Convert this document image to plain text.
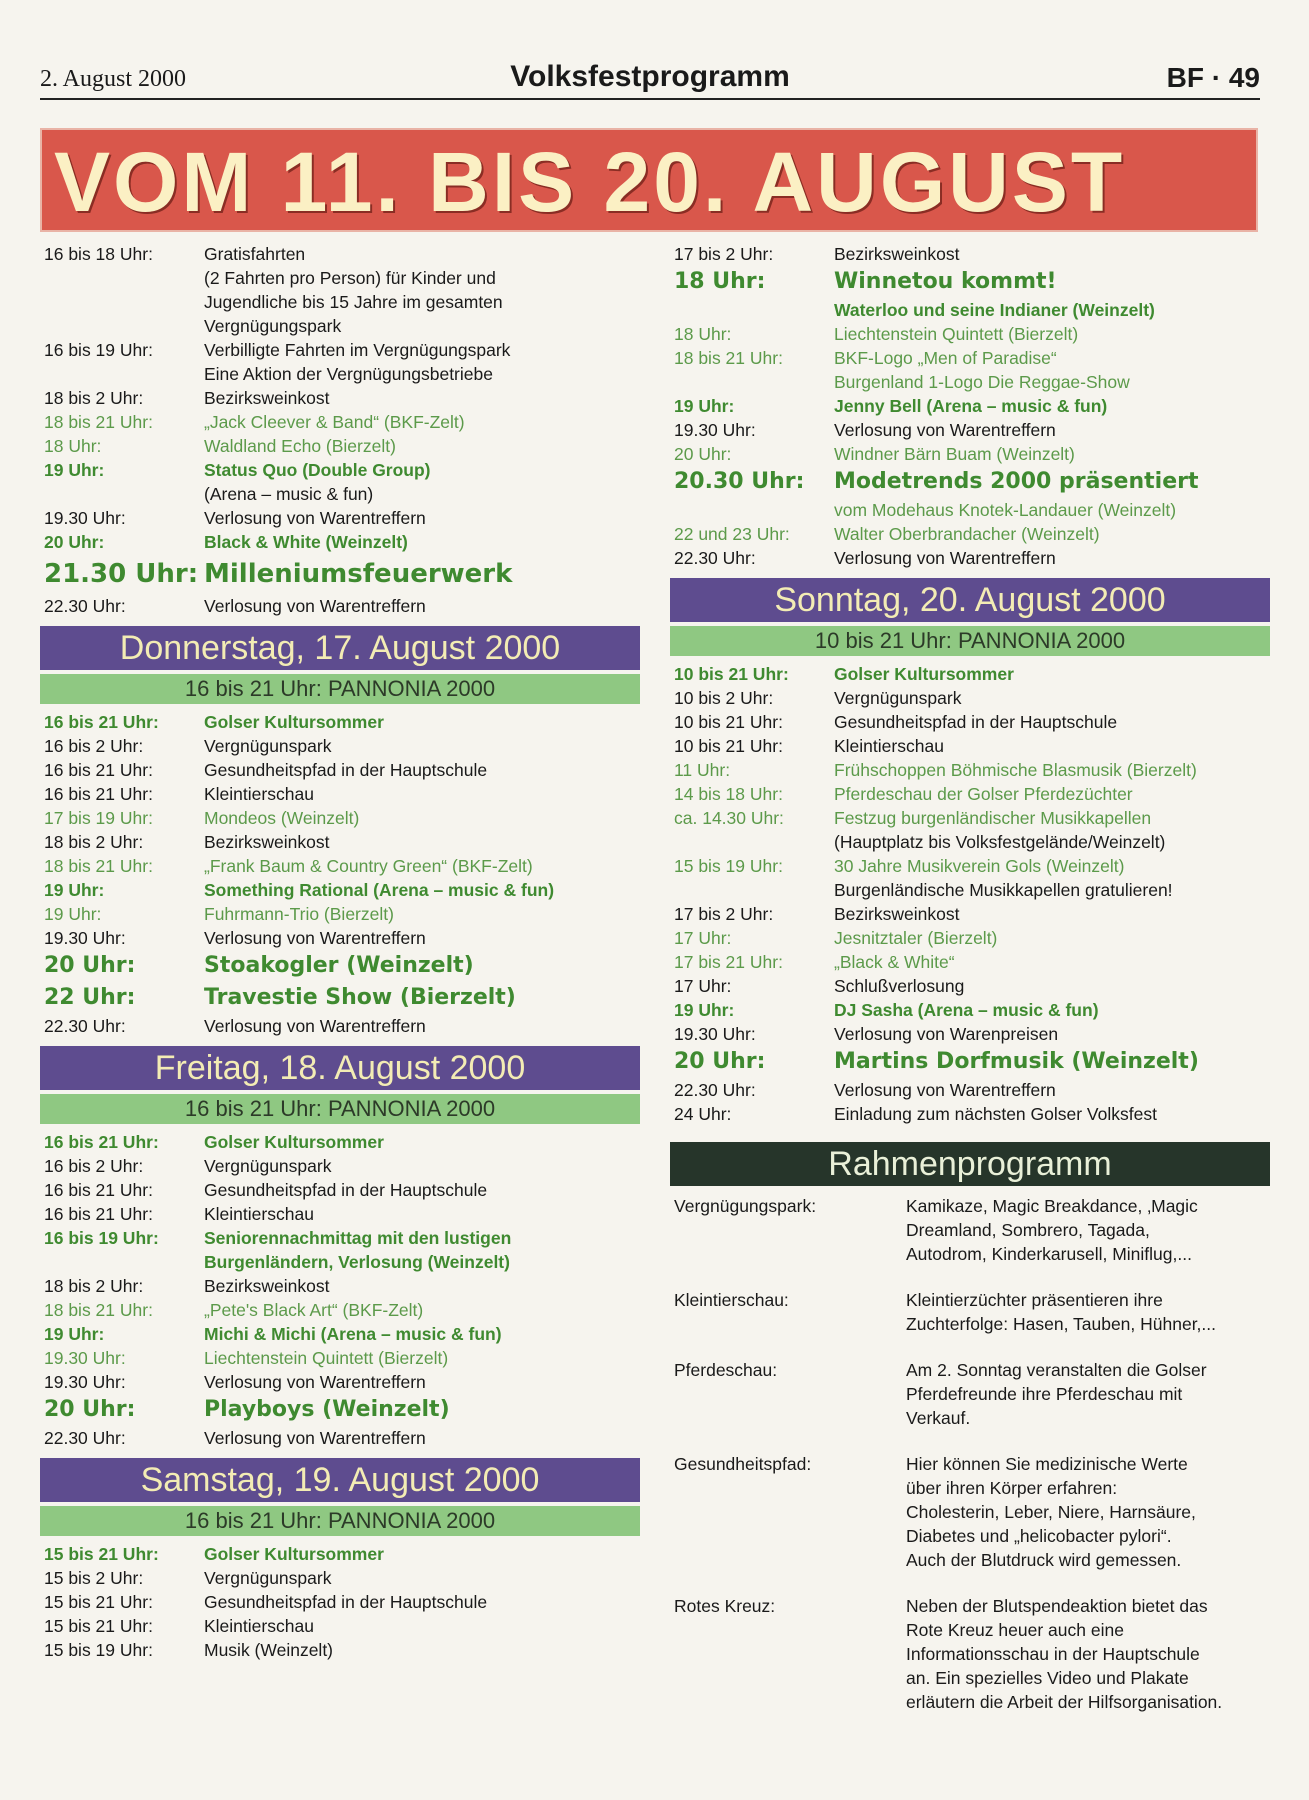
2. August 2000	Volksfestprogramm	BF · 49
VOM 11. BIS 20. AUGUST
16 bis 18 Uhr:	Gratisfahrten
(2 Fahrten pro Person) für Kinder und
Jugendliche bis 15 Jahre im gesamten
Vergnügungspark
16 bis 19 Uhr:	Verbilligte Fahrten im Vergnügungspark
Eine Aktion der Vergnügungsbetriebe
18 bis 2 Uhr:	Bezirksweinkost
18 bis 21 Uhr:	„Jack Cleever & Band“ (BKF-Zelt)
18 Uhr:	Waldland Echo (Bierzelt)
19 Uhr:	Status Quo (Double Group)
(Arena – music & fun)
19.30 Uhr:	Verlosung von Warentreffern
20 Uhr:	Black & White (Weinzelt)
21.30 Uhr: Milleniumsfeuerwerk
22.30 Uhr:	Verlosung von Warentreffern
Donnerstag, 17. August 2000
16 bis 21 Uhr: PANNONIA 2000
16 bis 21 Uhr:	Golser Kultursommer
16 bis 2 Uhr:	Vergnügunspark
16 bis 21 Uhr:	Gesundheitspfad in der Hauptschule
16 bis 21 Uhr:	Kleintierschau
17 bis 19 Uhr:	Mondeos (Weinzelt)
18 bis 2 Uhr:	Bezirksweinkost
18 bis 21 Uhr:	„Frank Baum & Country Green“ (BKF-Zelt)
19 Uhr:	Something Rational (Arena – music & fun)
19 Uhr:	Fuhrmann-Trio (Bierzelt)
19.30 Uhr:	Verlosung von Warentreffern
20 Uhr:	Stoakogler (Weinzelt)
22 Uhr:	Travestie Show (Bierzelt)
22.30 Uhr:	Verlosung von Warentreffern
Freitag, 18. August 2000
16 bis 21 Uhr: PANNONIA 2000
16 bis 21 Uhr:	Golser Kultursommer
16 bis 2 Uhr:	Vergnügunspark
16 bis 21 Uhr:	Gesundheitspfad in der Hauptschule
16 bis 21 Uhr:	Kleintierschau
16 bis 19 Uhr:	Seniorennachmittag mit den lustigen
Burgenländern, Verlosung (Weinzelt)
18 bis 2 Uhr:	Bezirksweinkost
18 bis 21 Uhr:	„Pete's Black Art“ (BKF-Zelt)
19 Uhr:	Michi & Michi (Arena – music & fun)
19.30 Uhr:	Liechtenstein Quintett (Bierzelt)
19.30 Uhr:	Verlosung von Warentreffern
20 Uhr:	Playboys (Weinzelt)
22.30 Uhr:	Verlosung von Warentreffern
Samstag, 19. August 2000
16 bis 21 Uhr: PANNONIA 2000
15 bis 21 Uhr:	Golser Kultursommer
15 bis 2 Uhr:	Vergnügunspark
15 bis 21 Uhr:	Gesundheitspfad in der Hauptschule
15 bis 21 Uhr:	Kleintierschau
15 bis 19 Uhr:	Musik (Weinzelt)
17 bis 2 Uhr:	Bezirksweinkost
18 Uhr:	Winnetou kommt!
Waterloo und seine Indianer (Weinzelt)
18 Uhr:	Liechtenstein Quintett (Bierzelt)
18 bis 21 Uhr:	BKF-Logo „Men of Paradise“
Burgenland 1-Logo Die Reggae-Show
19 Uhr:	Jenny Bell (Arena – music & fun)
19.30 Uhr:	Verlosung von Warentreffern
20 Uhr:	Windner Bärn Buam (Weinzelt)
20.30 Uhr: Modetrends 2000 präsentiert
vom Modehaus Knotek-Landauer (Weinzelt)
22 und 23 Uhr:	Walter Oberbrandacher (Weinzelt)
22.30 Uhr:	Verlosung von Warentreffern
Sonntag, 20. August 2000
10 bis 21 Uhr: PANNONIA 2000
10 bis 21 Uhr:	Golser Kultursommer
10 bis 2 Uhr:	Vergnügunspark
10 bis 21 Uhr:	Gesundheitspfad in der Hauptschule
10 bis 21 Uhr:	Kleintierschau
11 Uhr:	Frühschoppen Böhmische Blasmusik (Bierzelt)
14 bis 18 Uhr:	Pferdeschau der Golser Pferdezüchter
ca. 14.30 Uhr:	Festzug burgenländischer Musikkapellen
(Hauptplatz bis Volksfestgelände/Weinzelt)
15 bis 19 Uhr:	30 Jahre Musikverein Gols (Weinzelt)
Burgenländische Musikkapellen gratulieren!
17 bis 2 Uhr:	Bezirksweinkost
17 Uhr:	Jesnitztaler (Bierzelt)
17 bis 21 Uhr:	„Black & White“
17 Uhr:	Schlußverlosung
19 Uhr:	DJ Sasha (Arena – music & fun)
19.30 Uhr:	Verlosung von Warenpreisen
20 Uhr:	Martins Dorfmusik (Weinzelt)
22.30 Uhr:	Verlosung von Warentreffern
24 Uhr:	Einladung zum nächsten Golser Volksfest
Rahmenprogramm
Vergnügungspark:	Kamikaze, Magic Breakdance, ‚Magic
Dreamland, Sombrero, Tagada,
Autodrom, Kinderkarusell, Miniflug,...
Kleintierschau:	Kleintierzüchter präsentieren ihre
Zuchterfolge: Hasen, Tauben, Hühner,...
Pferdeschau:	Am 2. Sonntag veranstalten die Golser
Pferdefreunde ihre Pferdeschau mit
Verkauf.
Gesundheitspfad:	Hier können Sie medizinische Werte
über ihren Körper erfahren:
Cholesterin, Leber, Niere, Harnsäure,
Diabetes und „helicobacter pylori“.
Auch der Blutdruck wird gemessen.
Rotes Kreuz:	Neben der Blutspendeaktion bietet das
Rote Kreuz heuer auch eine
Informationsschau in der Hauptschule
an. Ein spezielles Video und Plakate
erläutern die Arbeit der Hilfsorganisation.
